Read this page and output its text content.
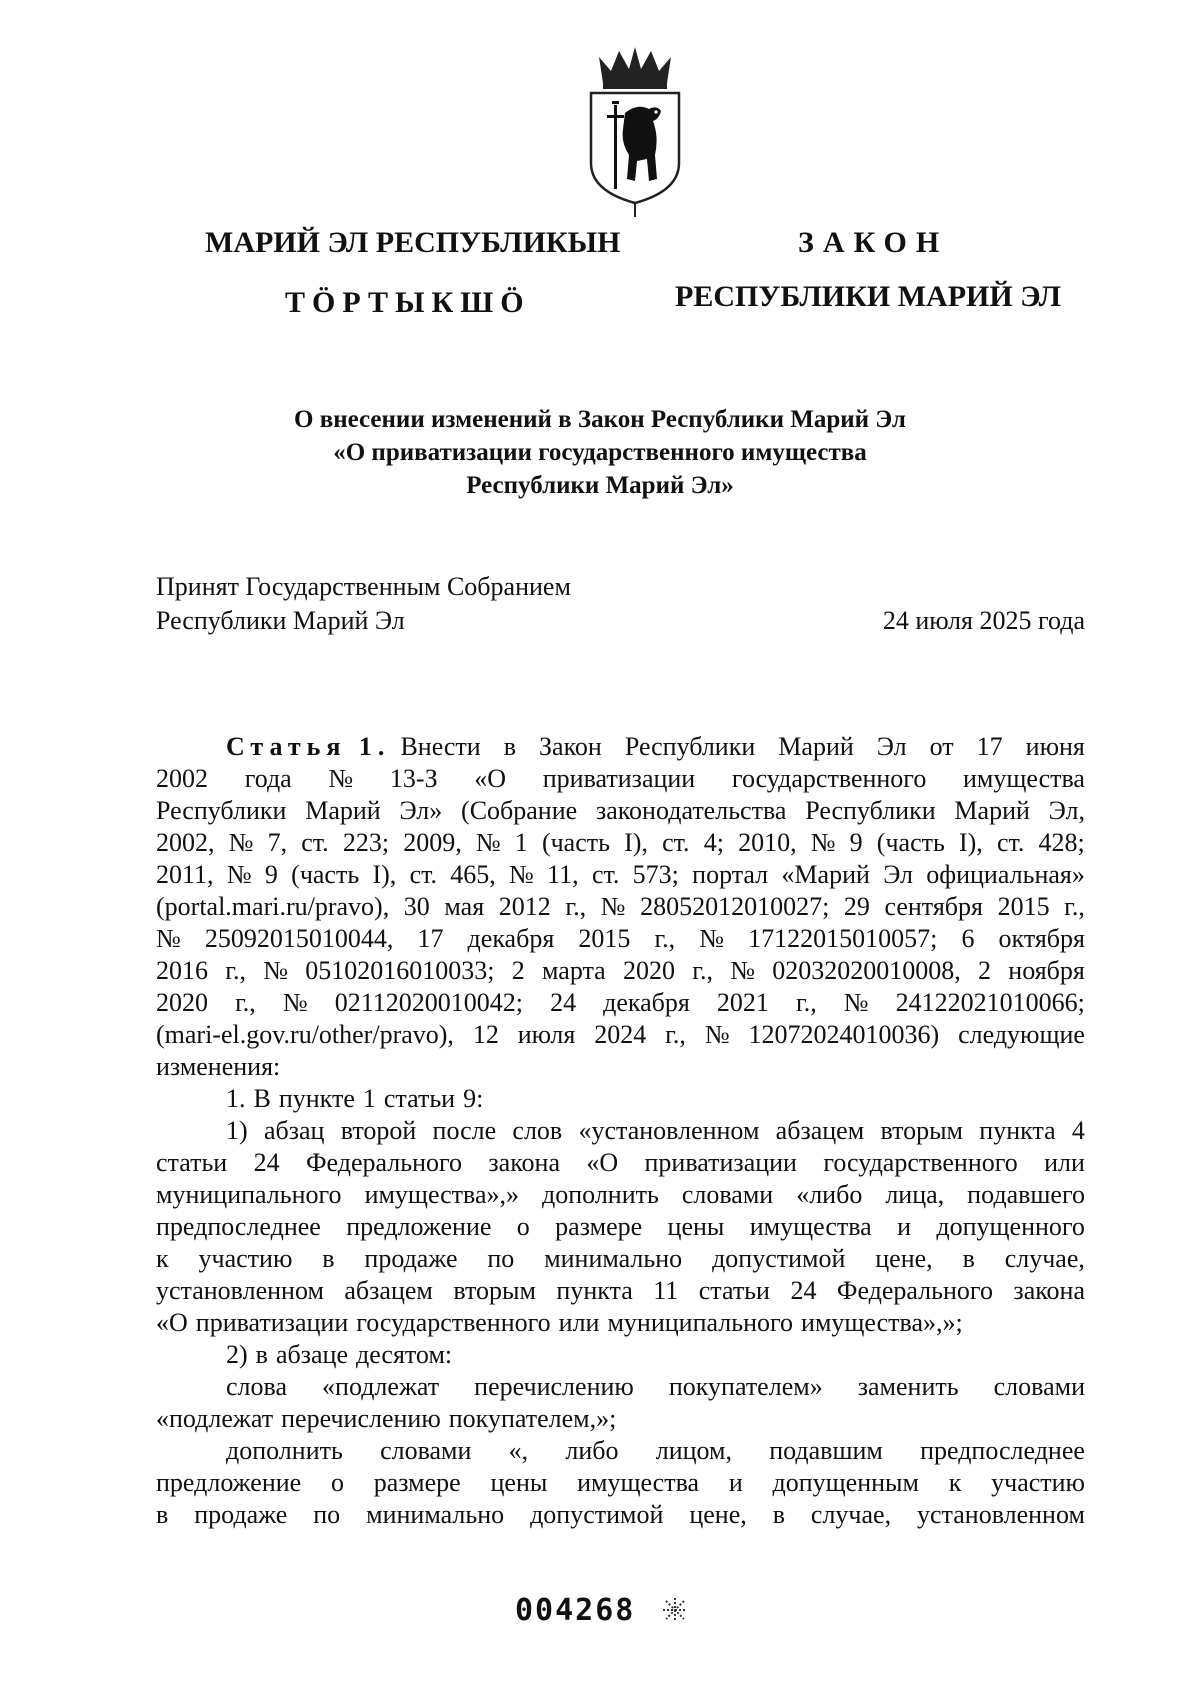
МАРИЙ ЭЛ РЕСПУБЛИКЫН
ТӦРТЫКШӦ
ЗАКОН
РЕСПУБЛИКИ МАРИЙ ЭЛ
О внесении изменений в Закон Республики Марий Эл
«О приватизации государственного имущества
Республики Марий Эл»
Принят Государственным Собранием
Республики Марий Эл	24 июля 2025 года
Статья 1. Внести в Закон Республики Марий Эл от 17 июня
2002 года № 13-З «О приватизации государственного имущества
Республики Марий Эл» (Собрание законодательства Республики Марий Эл,
2002, № 7, ст. 223; 2009, № 1 (часть I), ст. 4; 2010, № 9 (часть I), ст. 428;
2011, № 9 (часть I), ст. 465, № 11, ст. 573; портал «Марий Эл официальная»
(portal.mari.ru/pravo), 30 мая 2012 г., № 28052012010027; 29 сентября 2015 г.,
№ 25092015010044, 17 декабря 2015 г., № 17122015010057; 6 октября
2016 г., № 05102016010033; 2 марта 2020 г., № 02032020010008, 2 ноября
2020 г., № 02112020010042; 24 декабря 2021 г., № 24122021010066;
(mari-el.gov.ru/other/pravo), 12 июля 2024 г., № 12072024010036) следующие
изменения:
1. В пункте 1 статьи 9:
1) абзац второй после слов «установленном абзацем вторым пункта 4
статьи 24 Федерального закона «О приватизации государственного или
муниципального имущества»,» дополнить словами «либо лица, подавшего
предпоследнее предложение о размере цены имущества и допущенного
к участию в продаже по минимально допустимой цене, в случае,
установленном абзацем вторым пункта 11 статьи 24 Федерального закона
«О приватизации государственного или муниципального имущества»,»;
2) в абзаце десятом:
слова «подлежат перечислению покупателем» заменить словами
«подлежат перечислению покупателем,»;
дополнить словами «, либо лицом, подавшим предпоследнее
предложение о размере цены имущества и допущенным к участию
в продаже по минимально допустимой цене, в случае, установленном
004268
